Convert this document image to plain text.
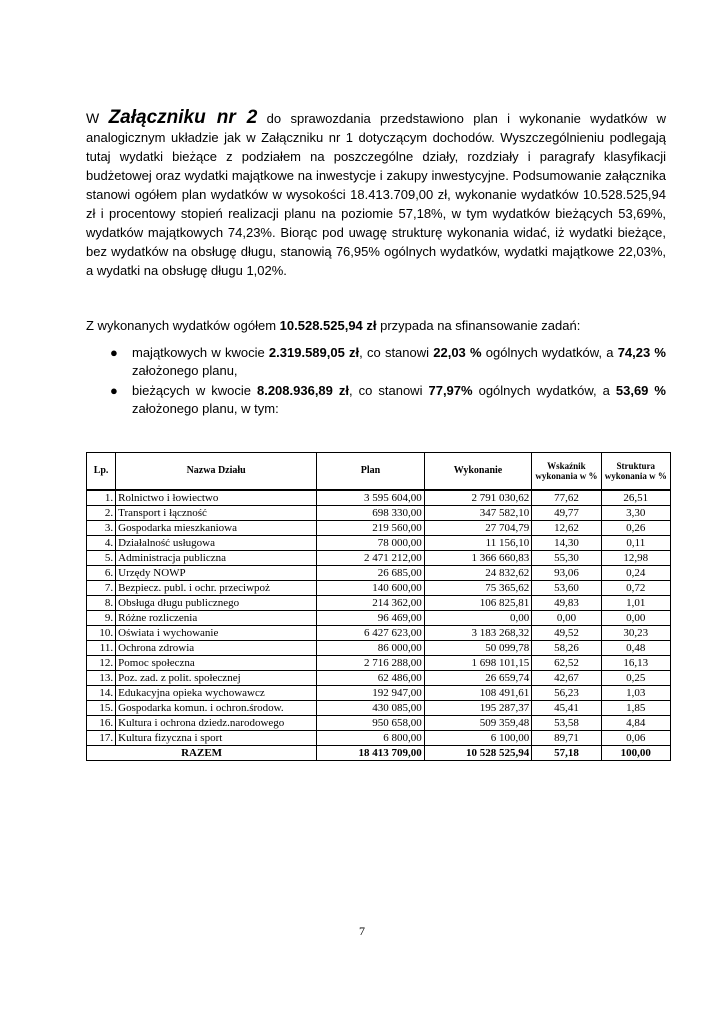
W Załączniku nr 2 do sprawozdania przedstawiono plan i wykonanie wydatków w analogicznym układzie jak w Załączniku nr 1 dotyczącym dochodów. Wyszczególnieniu podlegają tutaj wydatki bieżące z podziałem na poszczególne działy, rozdziały i paragrafy klasyfikacji budżetowej oraz wydatki majątkowe na inwestycje i zakupy inwestycyjne. Podsumowanie załącznika stanowi ogółem plan wydatków w wysokości 18.413.709,00 zł, wykonanie wydatków 10.528.525,94 zł i procentowy stopień realizacji planu na poziomie 57,18%, w tym wydatków bieżących 53,69%, wydatków majątkowych 74,23%. Biorąc pod uwagę strukturę wykonania widać, iż wydatki bieżące, bez wydatków na obsługę długu, stanowią 76,95% ogólnych wydatków, wydatki majątkowe 22,03%, a wydatki na obsługę długu 1,02%.

Z wykonanych wydatków ogółem 10.528.525,94 zł przypada na sfinansowanie zadań:

● majątkowych w kwocie 2.319.589,05 zł, co stanowi 22,03 % ogólnych wydatków, a 74,23 % założonego planu,
● bieżących w kwocie 8.208.936,89 zł, co stanowi 77,97% ogólnych wydatków, a 53,69 % założonego planu, w tym:
Lp.	Nazwa Działu	Plan	Wykonanie	Wskaźnik wykonania w %	Struktura wykonania w %
1.	Rolnictwo i łowiectwo	3 595 604,00	2 791 030,62	77,62	26,51
2.	Transport i łączność	698 330,00	347 582,10	49,77	3,30
3.	Gospodarka mieszkaniowa	219 560,00	27 704,79	12,62	0,26
4.	Działalność usługowa	78 000,00	11 156,10	14,30	0,11
5.	Administracja publiczna	2 471 212,00	1 366 660,83	55,30	12,98
6.	Urzędy NOWP	26 685,00	24 832,62	93,06	0,24
7.	Bezpiecz. publ. i ochr. przeciwpoż	140 600,00	75 365,62	53,60	0,72
8.	Obsługa długu publicznego	214 362,00	106 825,81	49,83	1,01
9.	Różne rozliczenia	96 469,00	0,00	0,00	0,00
10.	Oświata i wychowanie	6 427 623,00	3 183 268,32	49,52	30,23
11.	Ochrona zdrowia	86 000,00	50 099,78	58,26	0,48
12.	Pomoc społeczna	2 716 288,00	1 698 101,15	62,52	16,13
13.	Poz. zad. z polit. społecznej	62 486,00	26 659,74	42,67	0,25
14.	Edukacyjna opieka wychowawcz	192 947,00	108 491,61	56,23	1,03
15.	Gospodarka komun. i ochron.środow.	430 085,00	195 287,37	45,41	1,85
16.	Kultura i ochrona dziedz.narodowego	950 658,00	509 359,48	53,58	4,84
17.	Kultura fizyczna i sport	6 800,00	6 100,00	89,71	0,06
RAZEM		18 413 709,00	10 528 525,94	57,18	100,00
7
